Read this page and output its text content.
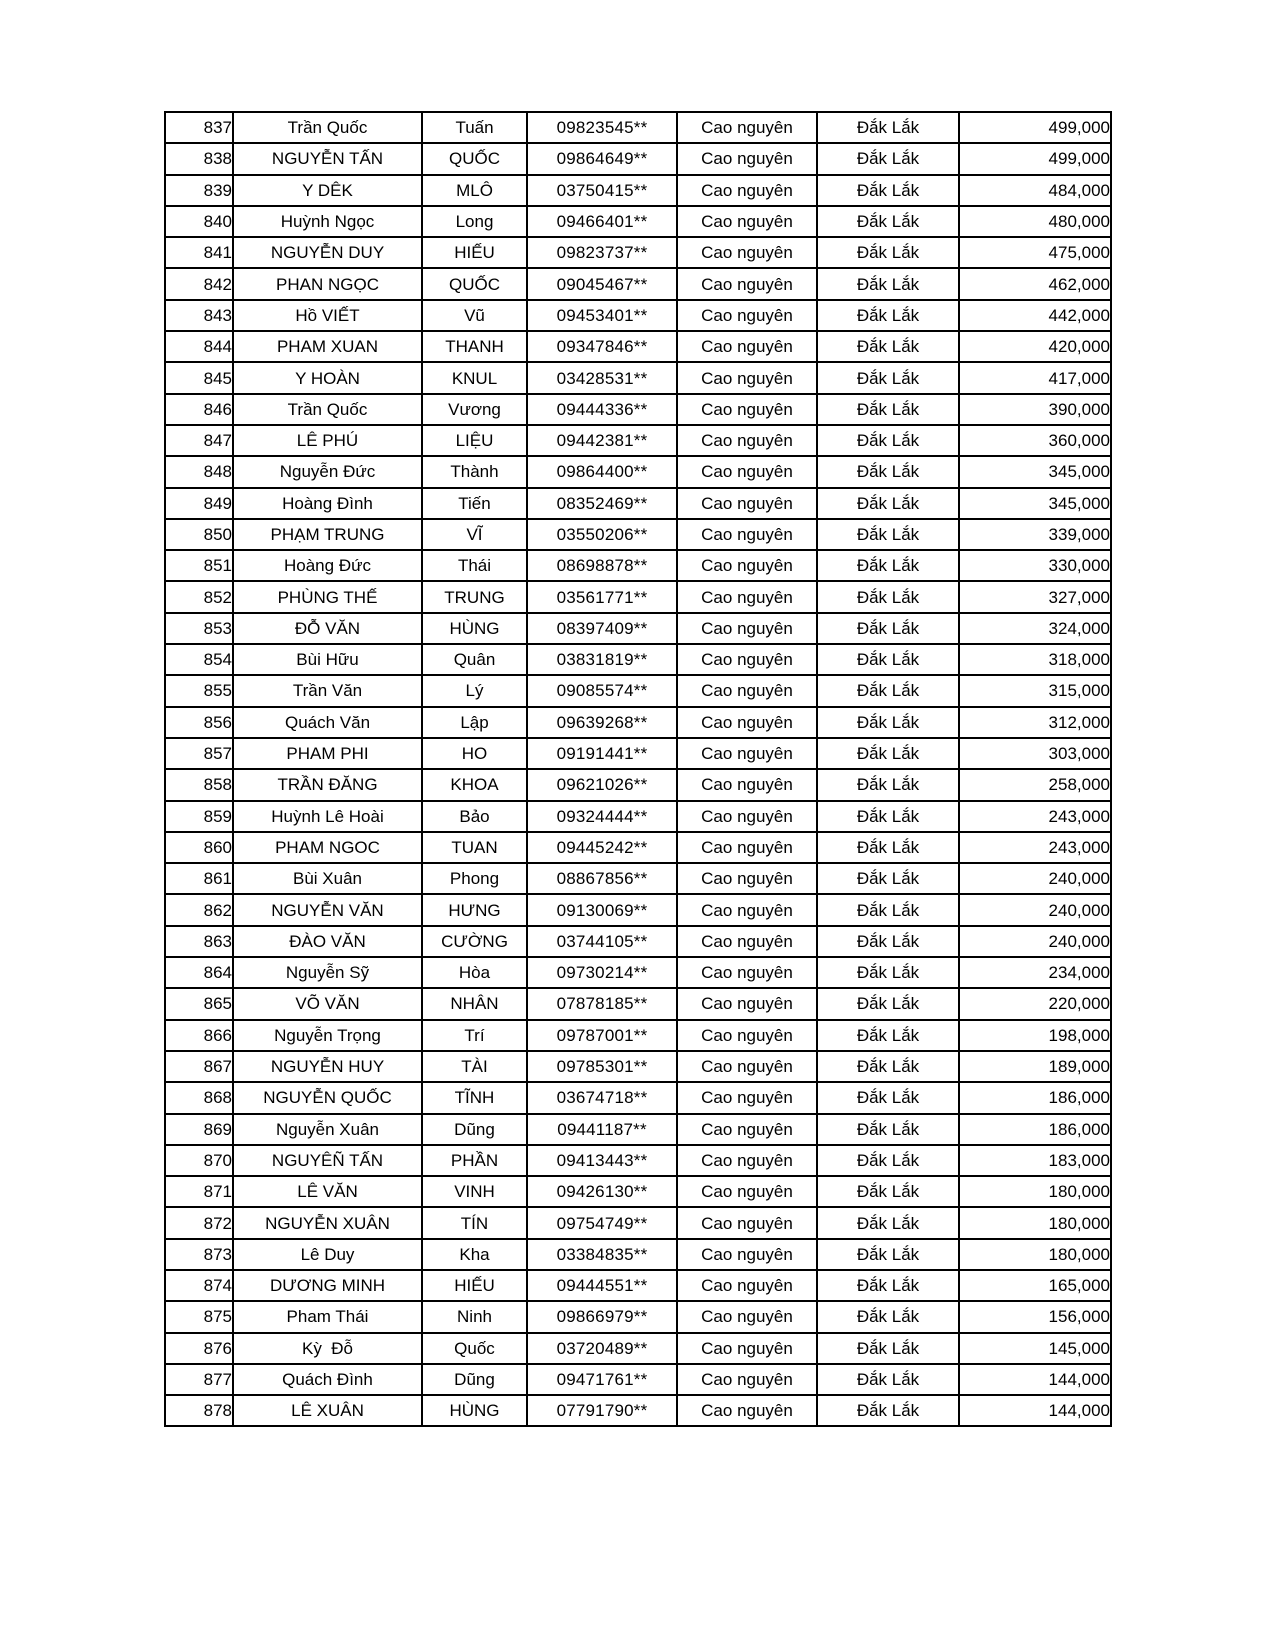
837	Trần Quốc	Tuấn	09823545**	Cao nguyên	Đắk Lắk	499,000
838	NGUYỄN TẤN	QUỐC	09864649**	Cao nguyên	Đắk Lắk	499,000
839	Y DÊK	MLÔ	03750415**	Cao nguyên	Đắk Lắk	484,000
840	Huỳnh Ngọc	Long	09466401**	Cao nguyên	Đắk Lắk	480,000
841	NGUYỄN DUY	HIẾU	09823737**	Cao nguyên	Đắk Lắk	475,000
842	PHAN NGỌC	QUỐC	09045467**	Cao nguyên	Đắk Lắk	462,000
843	Hồ VIẾT	Vũ	09453401**	Cao nguyên	Đắk Lắk	442,000
844	PHAM XUAN	THANH	09347846**	Cao nguyên	Đắk Lắk	420,000
845	Y HOÀN	KNUL	03428531**	Cao nguyên	Đắk Lắk	417,000
846	Trần Quốc	Vương	09444336**	Cao nguyên	Đắk Lắk	390,000
847	LÊ PHÚ	LIỆU	09442381**	Cao nguyên	Đắk Lắk	360,000
848	Nguyễn Đức	Thành	09864400**	Cao nguyên	Đắk Lắk	345,000
849	Hoàng Đình	Tiến	08352469**	Cao nguyên	Đắk Lắk	345,000
850	PHẠM TRUNG	VĨ	03550206**	Cao nguyên	Đắk Lắk	339,000
851	Hoàng Đức	Thái	08698878**	Cao nguyên	Đắk Lắk	330,000
852	PHÙNG THẾ	TRUNG	03561771**	Cao nguyên	Đắk Lắk	327,000
853	ĐỖ VĂN	HÙNG	08397409**	Cao nguyên	Đắk Lắk	324,000
854	Bùi Hữu	Quân	03831819**	Cao nguyên	Đắk Lắk	318,000
855	Trần Văn	Lý	09085574**	Cao nguyên	Đắk Lắk	315,000
856	Quách Văn	Lập	09639268**	Cao nguyên	Đắk Lắk	312,000
857	PHAM PHI	HO	09191441**	Cao nguyên	Đắk Lắk	303,000
858	TRẦN ĐĂNG	KHOA	09621026**	Cao nguyên	Đắk Lắk	258,000
859	Huỳnh Lê Hoài	Bảo	09324444**	Cao nguyên	Đắk Lắk	243,000
860	PHAM NGOC	TUAN	09445242**	Cao nguyên	Đắk Lắk	243,000
861	Bùi Xuân	Phong	08867856**	Cao nguyên	Đắk Lắk	240,000
862	NGUYỄN VĂN	HƯNG	09130069**	Cao nguyên	Đắk Lắk	240,000
863	ĐÀO VĂN	CƯỜNG	03744105**	Cao nguyên	Đắk Lắk	240,000
864	Nguyễn Sỹ	Hòa	09730214**	Cao nguyên	Đắk Lắk	234,000
865	VÕ VĂN	NHÂN	07878185**	Cao nguyên	Đắk Lắk	220,000
866	Nguyễn Trọng	Trí	09787001**	Cao nguyên	Đắk Lắk	198,000
867	NGUYỄN HUY	TÀI	09785301**	Cao nguyên	Đắk Lắk	189,000
868	NGUYỄN QUỐC	TĨNH	03674718**	Cao nguyên	Đắk Lắk	186,000
869	Nguyễn Xuân	Dũng	09441187**	Cao nguyên	Đắk Lắk	186,000
870	NGUYÊÑ TẤN	PHẦN	09413443**	Cao nguyên	Đắk Lắk	183,000
871	LÊ VĂN	VINH	09426130**	Cao nguyên	Đắk Lắk	180,000
872	NGUYỄN XUÂN	TÍN	09754749**	Cao nguyên	Đắk Lắk	180,000
873	Lê Duy	Kha	03384835**	Cao nguyên	Đắk Lắk	180,000
874	DƯƠNG MINH	HIẾU	09444551**	Cao nguyên	Đắk Lắk	165,000
875	Pham Thái	Ninh	09866979**	Cao nguyên	Đắk Lắk	156,000
876	Kỳ  Đỗ	Quốc	03720489**	Cao nguyên	Đắk Lắk	145,000
877	Quách Đình	Dũng	09471761**	Cao nguyên	Đắk Lắk	144,000
878	LÊ XUÂN	HÙNG	07791790**	Cao nguyên	Đắk Lắk	144,000
